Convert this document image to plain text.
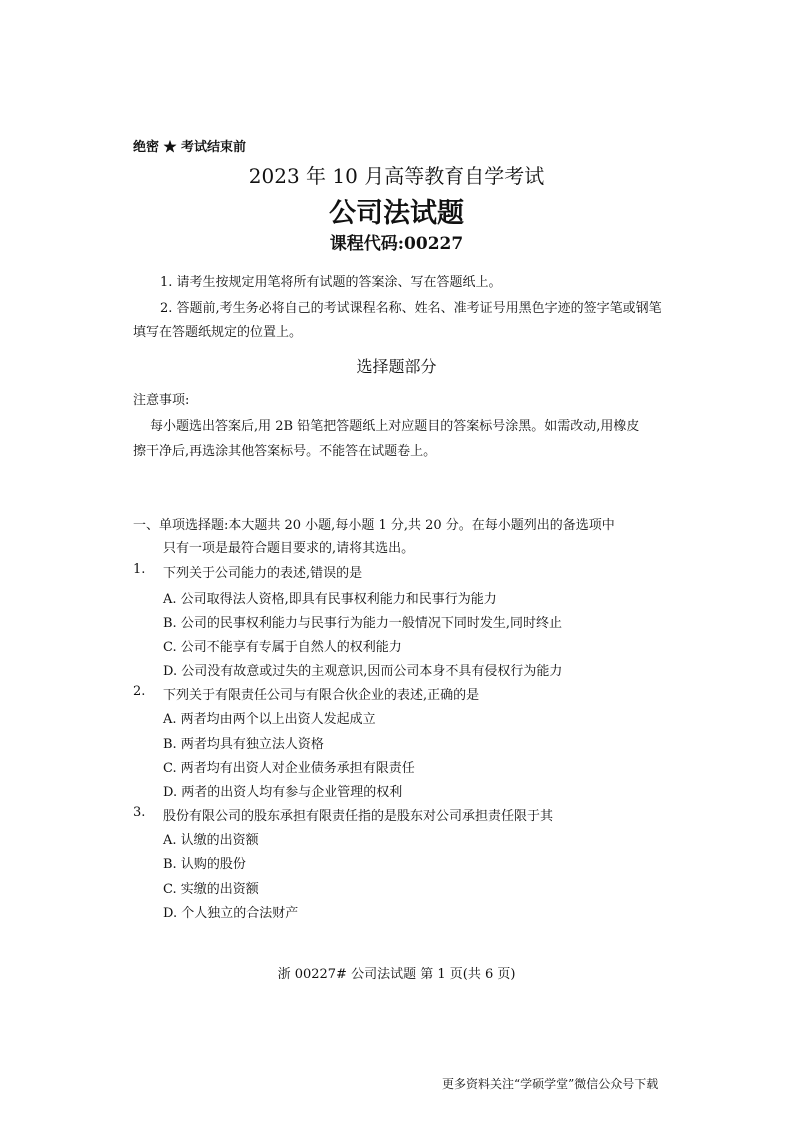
绝密 ★ 考试结束前
2023 年 10 月高等教育自学考试
公司法试题
课程代码:00227
1. 请考生按规定用笔将所有试题的答案涂、写在答题纸上。
2. 答题前,考生务必将自己的考试课程名称、姓名、准考证号用黑色字迹的签字笔或钢笔
填写在答题纸规定的位置上。
选择题部分
注意事项:
每小题选出答案后,用 2B 铅笔把答题纸上对应题目的答案标号涂黑。如需改动,用橡皮
擦干净后,再选涂其他答案标号。不能答在试题卷上。
一、单项选择题:本大题共 20 小题,每小题 1 分,共 20 分。在每小题列出的备选项中
只有一项是最符合题目要求的,请将其选出。
1. 下列关于公司能力的表述,错误的是
A. 公司取得法人资格,即具有民事权利能力和民事行为能力
B. 公司的民事权利能力与民事行为能力一般情况下同时发生,同时终止
C. 公司不能享有专属于自然人的权利能力
D. 公司没有故意或过失的主观意识,因而公司本身不具有侵权行为能力
2. 下列关于有限责任公司与有限合伙企业的表述,正确的是
A. 两者均由两个以上出资人发起成立
B. 两者均具有独立法人资格
C. 两者均有出资人对企业债务承担有限责任
D. 两者的出资人均有参与企业管理的权利
3. 股份有限公司的股东承担有限责任指的是股东对公司承担责任限于其
A. 认缴的出资额
B. 认购的股份
C. 实缴的出资额
D. 个人独立的合法财产
浙 00227# 公司法试题 第 1 页(共 6 页)
更多资料关注“学硕学堂”微信公众号下载
